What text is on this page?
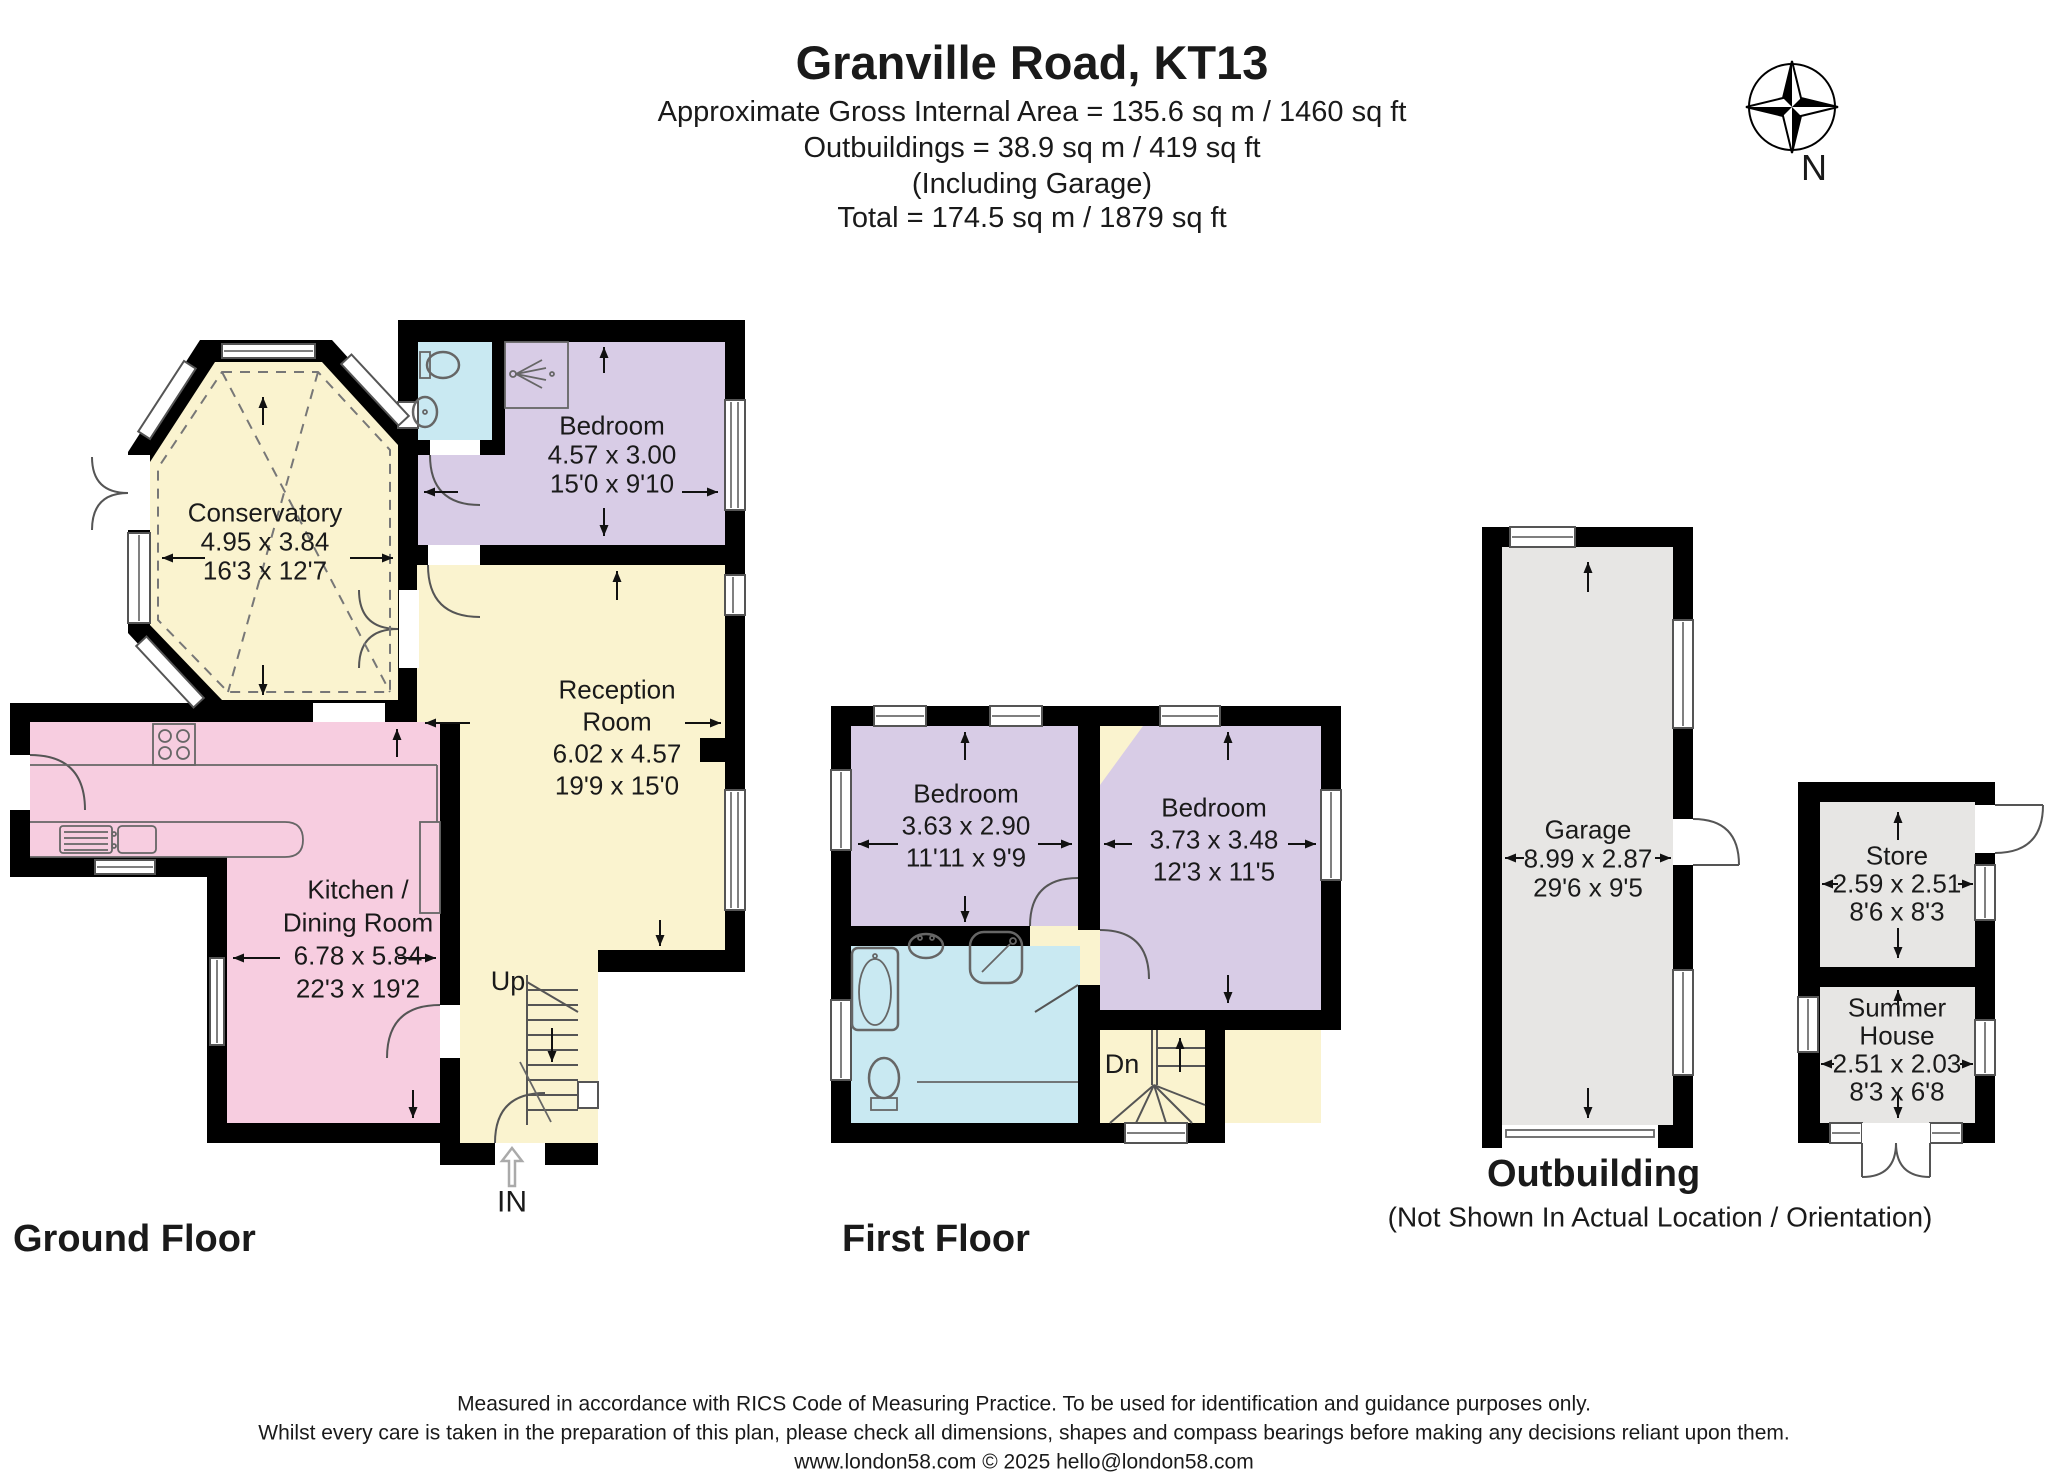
Granville Road, KT13
Approximate Gross Internal Area = 135.6 sq m / 1460 sq ft
Outbuildings = 38.9 sq m / 419 sq ft
(Including Garage)
Total = 174.5 sq m / 1879 sq ft
N
Conservatory
4.95 x 3.84
16'3 x 12'7
Bedroom
4.57 x 3.00
15'0 x 9'10
Reception
Room
6.02 x 4.57
19'9 x 15'0
Kitchen /
Dining Room
6.78 x 5.84
22'3 x 19'2
Bedroom
3.63 x 2.90
11'11 x 9'9
Bedroom
3.73 x 3.48
12'3 x 11'5
Garage
8.99 x 2.87
29'6 x 9'5
Store
2.59 x 2.51
8'6 x 8'3
Summer
House
2.51 x 2.03
8'3 x 6'8
Up
Dn
IN
Ground Floor	First Floor
Outbuilding
(Not Shown In Actual Location / Orientation)
Measured in accordance with RICS Code of Measuring Practice. To be used for identification and guidance purposes only.
Whilst every care is taken in the preparation of this plan, please check all dimensions, shapes and compass bearings before making any decisions reliant upon them.
www.london58.com © 2025 hello@london58.com
